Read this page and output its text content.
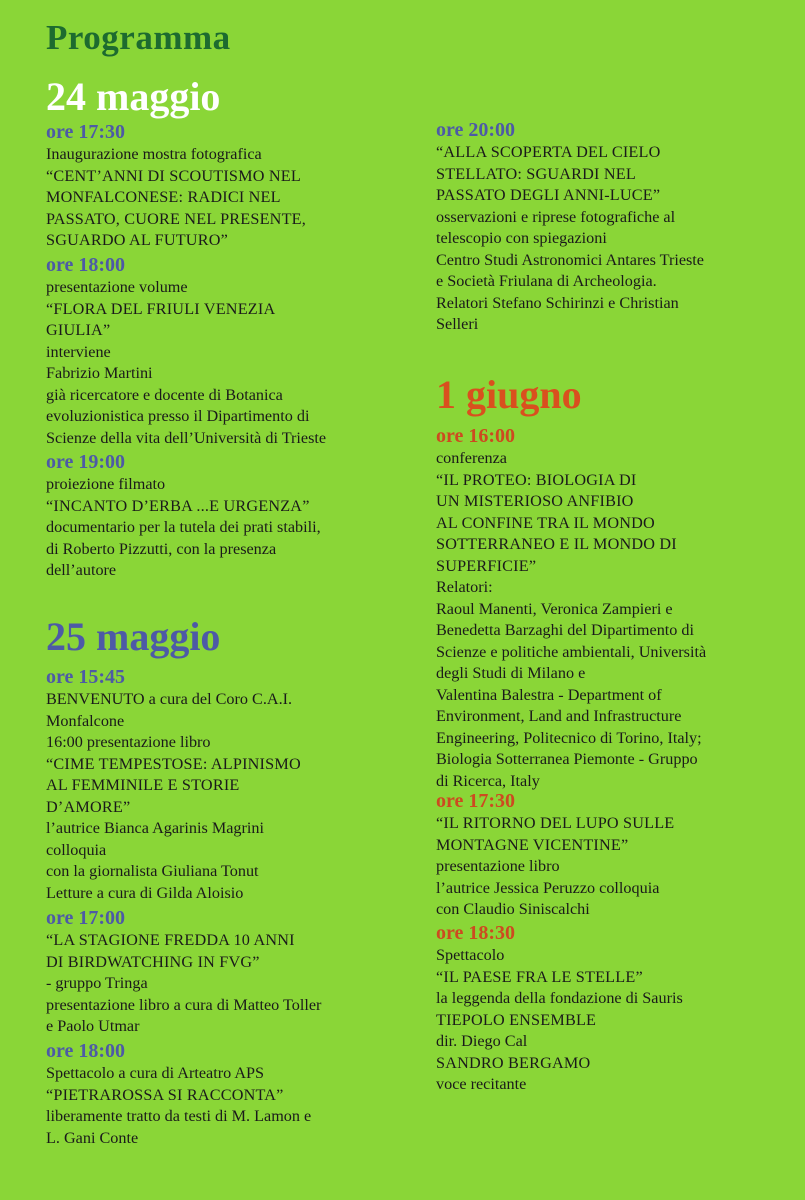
Programma
24 maggio
ore 17:30
Inaugurazione mostra fotografica
“CENT’ANNI DI SCOUTISMO NEL
MONFALCONESE: RADICI NEL
PASSATO, CUORE NEL PRESENTE,
SGUARDO AL FUTURO”
ore 18:00
presentazione volume
“FLORA DEL FRIULI VENEZIA
GIULIA”
interviene
Fabrizio Martini
già ricercatore e docente di Botanica
evoluzionistica presso il Dipartimento di
Scienze della vita dell’Università di Trieste
ore 19:00
proiezione filmato
“INCANTO D’ERBA ...E URGENZA”
documentario per la tutela dei prati stabili,
di Roberto Pizzutti, con la presenza
dell’autore
25 maggio
ore 15:45
BENVENUTO a cura del Coro C.A.I.
Monfalcone
16:00 presentazione libro
“CIME TEMPESTOSE: ALPINISMO
AL FEMMINILE E STORIE
D’AMORE”
l’autrice Bianca Agarinis Magrini
colloquia
con la giornalista Giuliana Tonut
Letture a cura di Gilda Aloisio
ore 17:00
“LA STAGIONE FREDDA 10 ANNI
DI BIRDWATCHING IN FVG”
- gruppo Tringa
presentazione libro a cura di Matteo Toller
e Paolo Utmar
ore 18:00
Spettacolo a cura di Arteatro APS
“PIETRAROSSA SI RACCONTA”
liberamente tratto da testi di M. Lamon e
L. Gani Conte
ore 20:00
“ALLA SCOPERTA DEL CIELO
STELLATO: SGUARDI NEL
PASSATO DEGLI ANNI-LUCE”
osservazioni e riprese fotografiche al
telescopio con spiegazioni
Centro Studi Astronomici Antares Trieste
e Società Friulana di Archeologia.
Relatori Stefano Schirinzi e Christian
Selleri
1 giugno
ore 16:00
conferenza
“IL PROTEO: BIOLOGIA DI
UN MISTERIOSO ANFIBIO
AL CONFINE TRA IL MONDO
SOTTERRANEO E IL MONDO DI
SUPERFICIE”
Relatori:
Raoul Manenti, Veronica Zampieri e
Benedetta Barzaghi del Dipartimento di
Scienze e politiche ambientali, Università
degli Studi di Milano e
Valentina Balestra - Department of
Environment, Land and Infrastructure
Engineering, Politecnico di Torino, Italy;
Biologia Sotterranea Piemonte - Gruppo
di Ricerca, Italy
ore 17:30
“IL RITORNO DEL LUPO SULLE
MONTAGNE VICENTINE”
presentazione libro
l’autrice Jessica Peruzzo colloquia
con Claudio Siniscalchi
ore 18:30
Spettacolo
“IL PAESE FRA LE STELLE”
la leggenda della fondazione di Sauris
TIEPOLO ENSEMBLE
dir. Diego Cal
SANDRO BERGAMO
voce recitante
